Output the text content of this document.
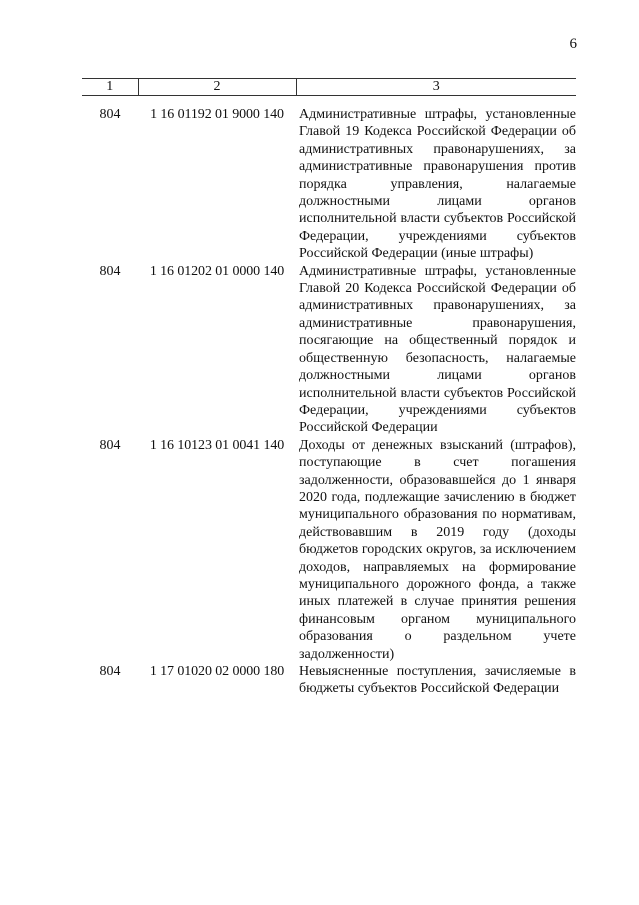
6
1	2	3

804	1 16 01192 01 9000 140	Административные штрафы, установленные Главой 19 Кодекса Российской Федерации об административных правонарушениях, за административные правонарушения против порядка управления, налагаемые должностными лицами органов исполнительной власти субъектов Российской Федерации, учреждениями субъектов Российской Федерации (иные штрафы)
804	1 16 01202 01 0000 140	Административные штрафы, установленные Главой 20 Кодекса Российской Федерации об административных правонарушениях, за административные правонарушения, посягающие на общественный порядок и общественную безопасность, налагаемые должностными лицами органов исполнительной власти субъектов Российской Федерации, учреждениями субъектов Российской Федерации
804	1 16 10123 01 0041 140	Доходы от денежных взысканий (штрафов), поступающие в счет погашения задолженности, образовавшейся до 1 января 2020 года, подлежащие зачислению в бюджет муниципального образования по нормативам, действовавшим в 2019 году (доходы бюджетов городских округов, за исключением доходов, направляемых на формирование муниципального дорожного фонда, а также иных платежей в случае принятия решения финансовым органом муниципального образования о раздельном учете задолженности)
804	1 17 01020 02 0000 180	Невыясненные поступления, зачисляемые в бюджеты субъектов Российской Федерации
